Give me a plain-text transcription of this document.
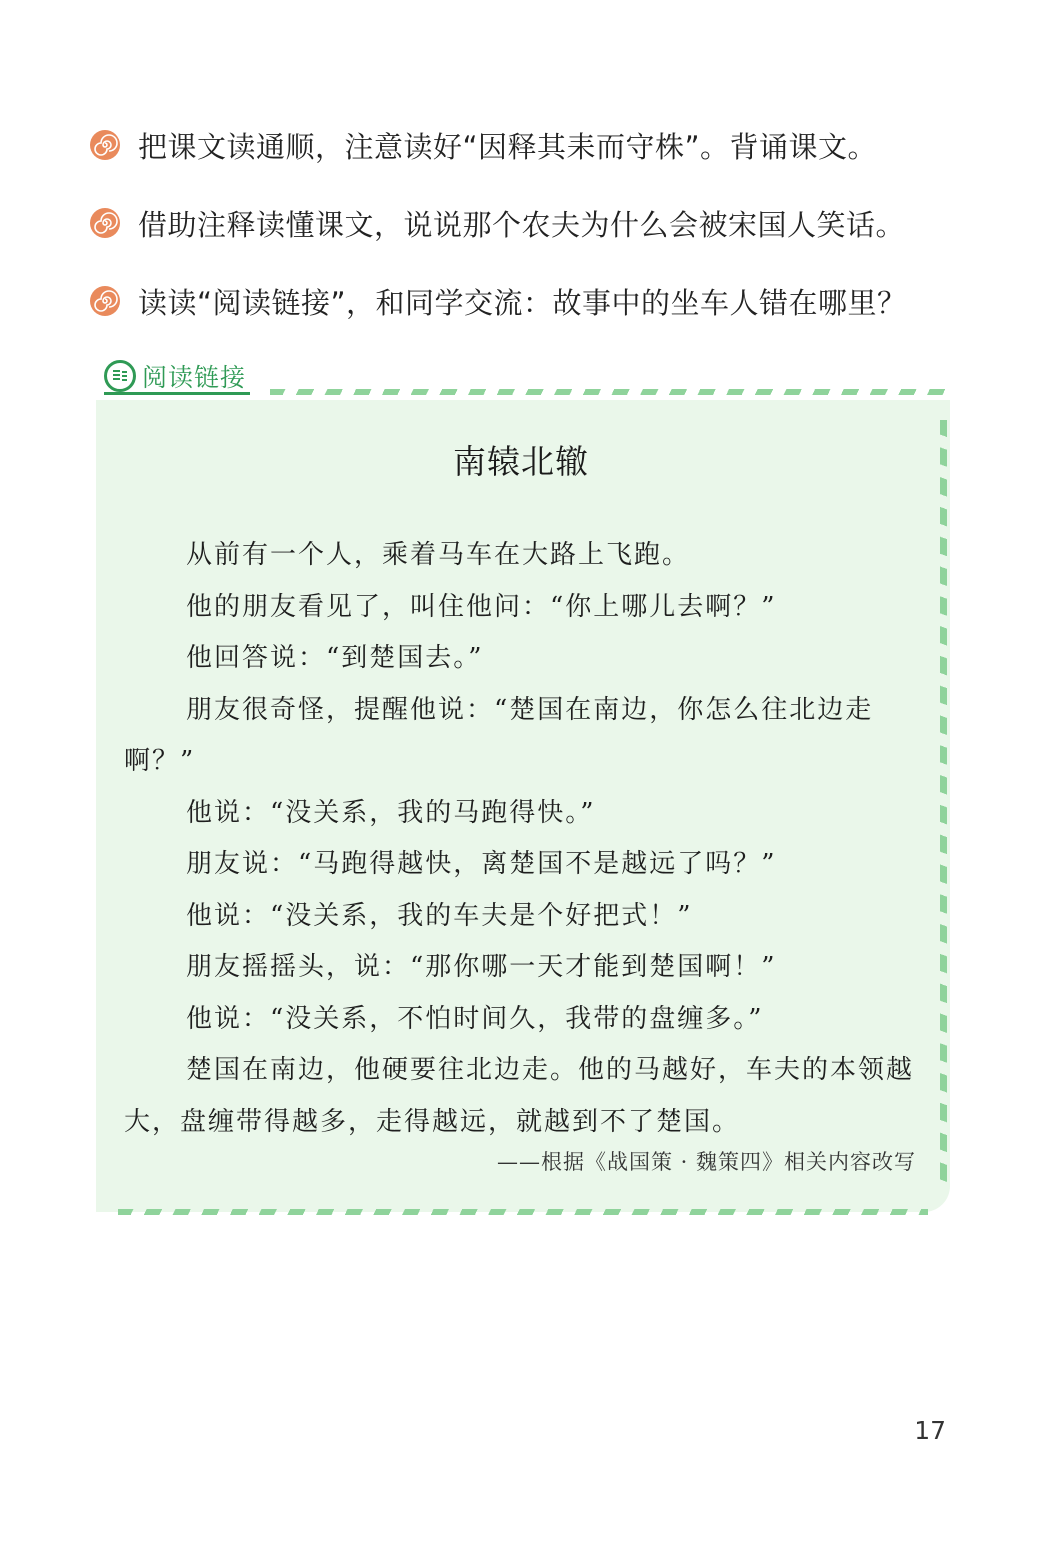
把课文读通顺，注意读好“因释其耒而守株”。背诵课文。
借助注释读懂课文，说说那个农夫为什么会被宋国人笑话。
读读“阅读链接”，和同学交流：故事中的坐车人错在哪里？
阅读链接
南辕北辙

从前有一个人，乘着马车在大路上飞跑。

他的朋友看见了，叫住他问：“你上哪儿去啊？”

他回答说：“到楚国去。”

朋友很奇怪，提醒他说：“楚国在南边，你怎么往北边走啊？”

他说：“没关系，我的马跑得快。”

朋友说：“马跑得越快，离楚国不是越远了吗？”

他说：“没关系，我的车夫是个好把式！”

朋友摇摇头，说：“那你哪一天才能到楚国啊！”

他说：“没关系，不怕时间久，我带的盘缠多。”

楚国在南边，他硬要往北边走。他的马越好，车夫的本领越大，盘缠带得越多，走得越远，就越到不了楚国。

——根据《战国策 · 魏策四》相关内容改写
17
